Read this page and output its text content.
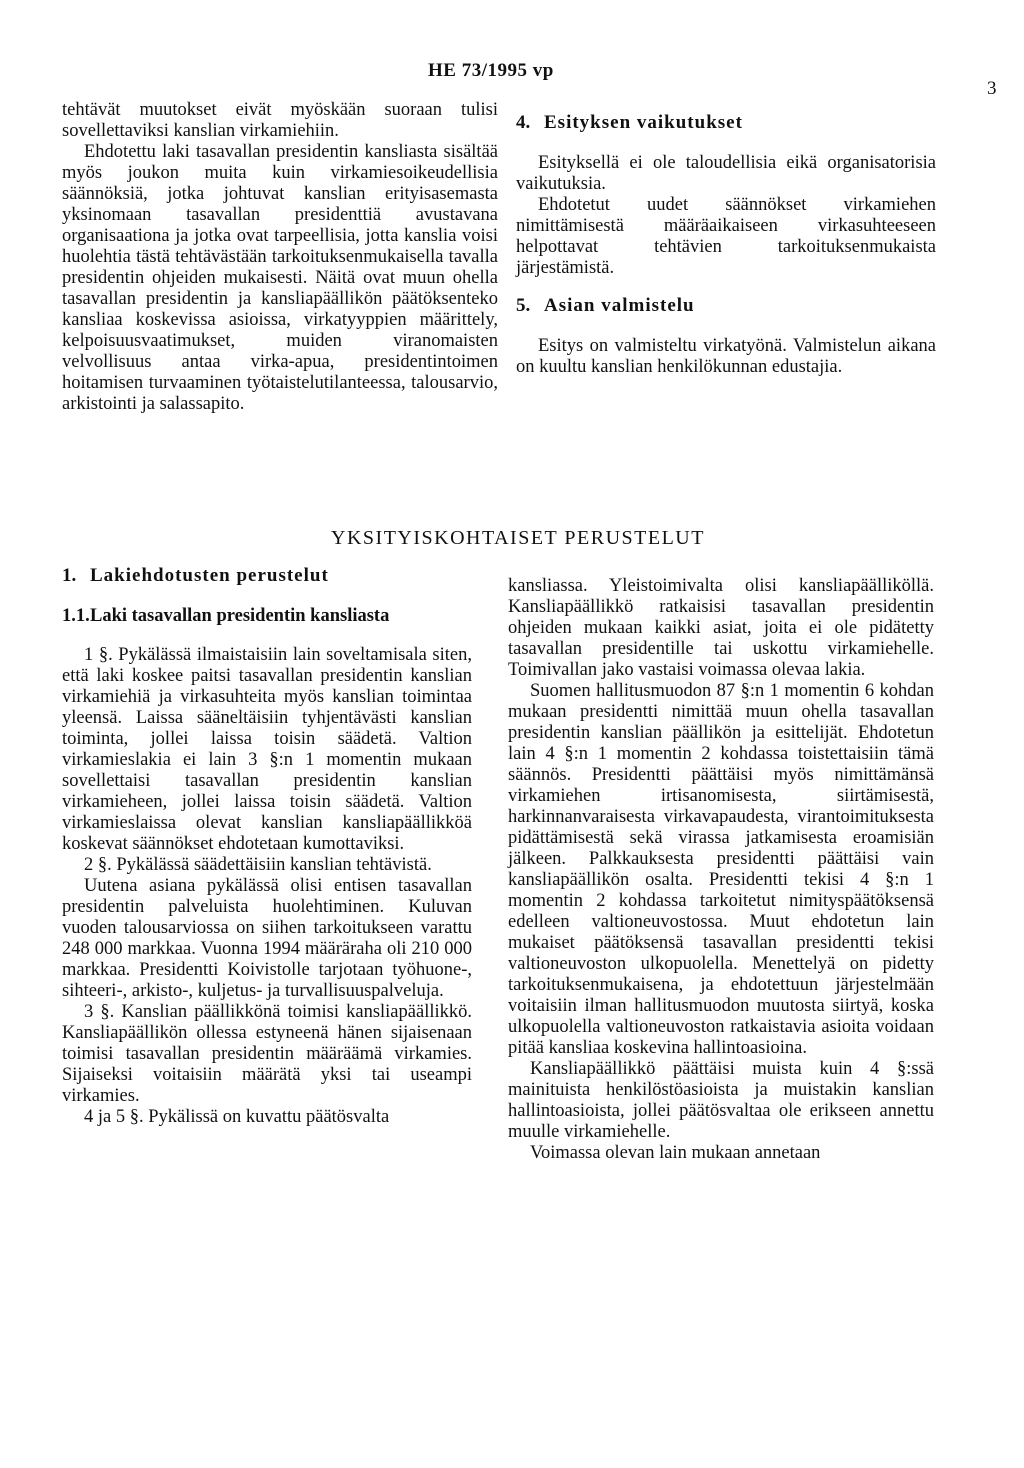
HE 73/1995 vp
3

tehtävät muutokset eivät myöskään suoraan tulisi sovellettaviksi kanslian virkamiehiin.

Ehdotettu laki tasavallan presidentin kansliasta sisältää myös joukon muita kuin virkamiesoikeudellisia säännöksiä, jotka johtuvat kanslian erityisasemasta yksinomaan tasavallan presidenttiä avustavana organisaationa ja jotka ovat tarpeellisia, jotta kanslia voisi huolehtia tästä tehtävästään tarkoituksenmukaisella tavalla presidentin ohjeiden mukaisesti. Näitä ovat muun ohella tasavallan presidentin ja kansliapäällikön päätöksenteko kansliaa koskevissa asioissa, virkatyyppien määrittely, kelpoisuusvaatimukset, muiden viranomaisten velvollisuus antaa virka-apua, presidentintoimen hoitamisen turvaaminen työtaistelutilanteessa, talousarvio, arkistointi ja salassapito.

4. Esityksen vaikutukset

Esityksellä ei ole taloudellisia eikä organisatorisia vaikutuksia.

Ehdotetut uudet säännökset virkamiehen nimittämisestä määräaikaiseen virkasuhteeseen helpottavat tehtävien tarkoituksenmukaista järjestämistä.

5. Asian valmistelu

Esitys on valmisteltu virkatyönä. Valmistelun aikana on kuultu kanslian henkilökunnan edustajia.

YKSITYISKOHTAISET PERUSTELUT
1. Lakiehdotusten perustelut
1.1. Laki tasavallan presidentin kansliasta

1 §. Pykälässä ilmaistaisiin lain soveltamisala siten, että laki koskee paitsi tasavallan presidentin kanslian virkamiehiä ja virkasuhteita myös kanslian toimintaa yleensä. Laissa sääneltäisiin tyhjentävästi kanslian toiminta, jollei laissa toisin säädetä. Valtion virkamieslakia ei lain 3 §:n 1 momentin mukaan sovellettaisi tasavallan presidentin kanslian virkamieheen, jollei laissa toisin säädetä. Valtion virkamieslaissa olevat kanslian kansliapäällikköä koskevat säännökset ehdotetaan kumottaviksi.

2 §. Pykälässä säädettäisiin kanslian tehtävistä.

Uutena asiana pykälässä olisi entisen tasavallan presidentin palveluista huolehtiminen. Kuluvan vuoden talousarviossa on siihen tarkoitukseen varattu 248 000 markkaa. Vuonna 1994 määräraha oli 210 000 markkaa. Presidentti Koivistolle tarjotaan työhuone-, sihteeri-, arkisto-, kuljetus- ja turvallisuuspalveluja.

3 §. Kanslian päällikkönä toimisi kansliapäällikkö. Kansliapäällikön ollessa estyneenä hänen sijaisenaan toimisi tasavallan presidentin määräämä virkamies. Sijaiseksi voitaisiin määrätä yksi tai useampi virkamies.

4 ja 5 §. Pykälissä on kuvattu päätösvalta

kansliassa. Yleistoimivalta olisi kansliapäälliköllä. Kansliapäällikkö ratkaisisi tasavallan presidentin ohjeiden mukaan kaikki asiat, joita ei ole pidätetty tasavallan presidentille tai uskottu virkamiehelle. Toimivallan jako vastaisi voimassa olevaa lakia.

Suomen hallitusmuodon 87 §:n 1 momentin 6 kohdan mukaan presidentti nimittää muun ohella tasavallan presidentin kanslian päällikön ja esittelijät. Ehdotetun lain 4 §:n 1 momentin 2 kohdassa toistettaisiin tämä säännös. Presidentti päättäisi myös nimittämänsä virkamiehen irtisanomisesta, siirtämisestä, harkinnanvaraisesta virkavapaudesta, virantoimituksesta pidättämisestä sekä virassa jatkamisesta eroamisiän jälkeen. Palkkauksesta presidentti päättäisi vain kansliapäällikön osalta. Presidentti tekisi 4 §:n 1 momentin 2 kohdassa tarkoitetut nimityspäätöksensä edelleen valtioneuvostossa. Muut ehdotetun lain mukaiset päätöksensä tasavallan presidentti tekisi valtioneuvoston ulkopuolella. Menettelyä on pidetty tarkoituksenmukaisena, ja ehdotettuun järjestelmään voitaisiin ilman hallitusmuodon muutosta siirtyä, koska ulkopuolella valtioneuvoston ratkaistavia asioita voidaan pitää kansliaa koskevina hallintoasioina.

Kansliapäällikkö päättäisi muista kuin 4 §:ssä mainituista henkilöstöasioista ja muistakin kanslian hallintoasioista, jollei päätösvaltaa ole erikseen annettu muulle virkamiehelle.

Voimassa olevan lain mukaan annetaan
